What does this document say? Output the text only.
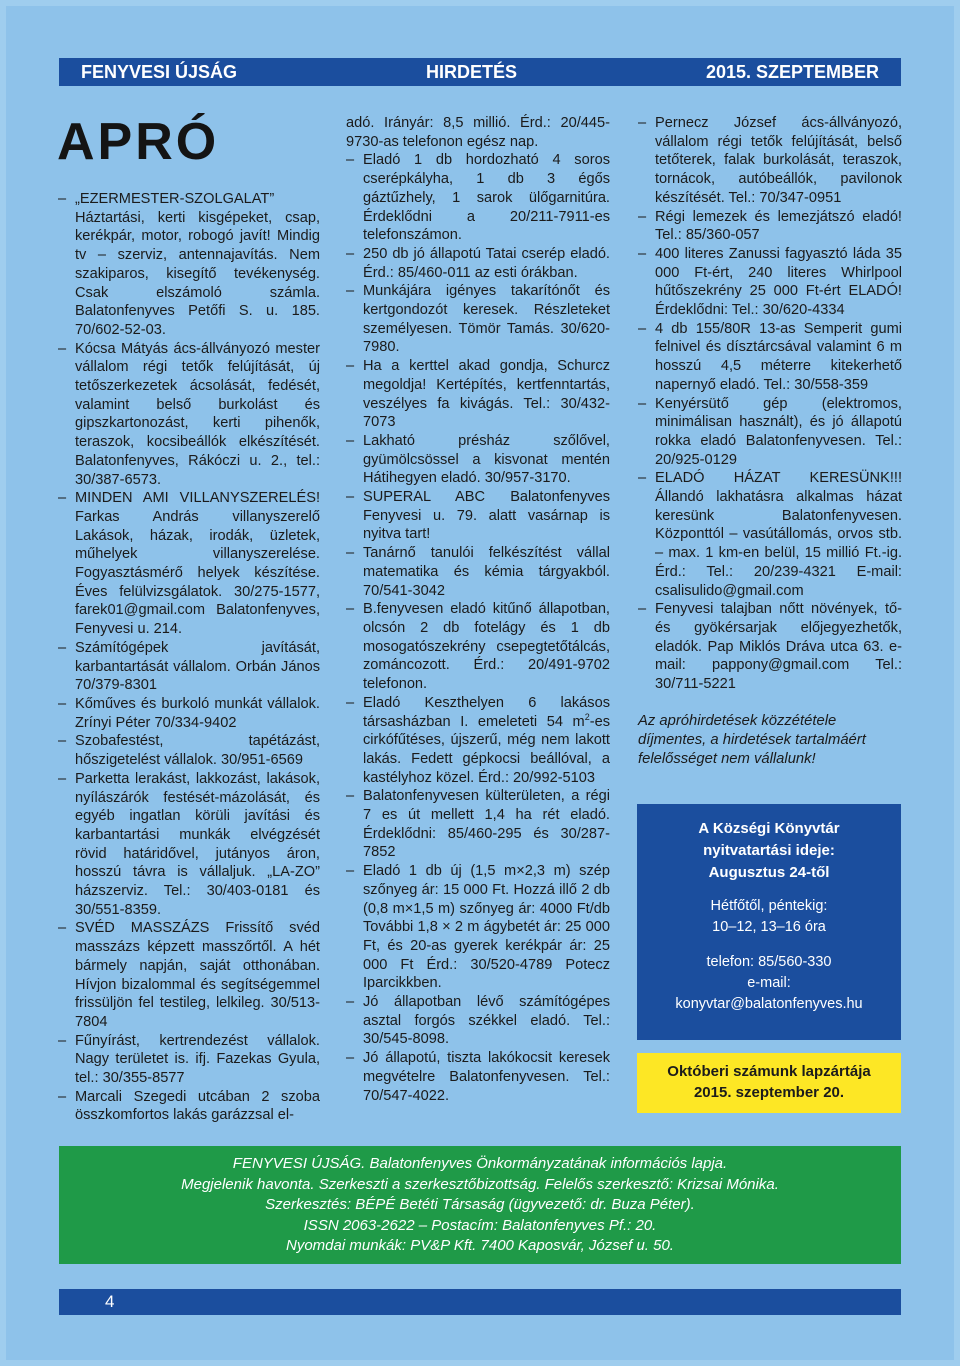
FENYVESI ÚJSÁG	HIRDETÉS	2015. SZEPTEMBER
APRÓ

– „EZERMESTER-SZOLGALAT” Háztartási, kerti kisgépeket, csap, kerékpár, motor, robogó javít! Mindig tv – szerviz, antennajavítás. Nem szakiparos, kisegítő tevékenység. Csak elszámoló számla. Balatonfenyves Petőfi S. u. 185. 70/602-52-03.

– Kócsa Mátyás ács-állványozó mester vállalom régi tetők felújítását, új tetőszerkezetek ácsolását, fedését, valamint belső burkolást és gipszkartonozást, kerti pihenők, teraszok, kocsibeállók elkészítését. Balatonfenyves, Rákóczi u. 2., tel.: 30/387-6573.

– MINDEN AMI VILLANYSZERELÉS! Farkas András villanyszerelő Lakások, házak, irodák, üzletek, műhelyek villanyszerelése. Fogyasztásmérő helyek készítése. Éves felülvizsgálatok. 30/275-1577, farek01@gmail.com Balatonfenyves, Fenyvesi u. 214.

– Számítógépek javítását, karbantartását vállalom. Orbán János 70/379-8301

– Kőműves és burkoló munkát vállalok. Zrínyi Péter 70/334-9402

– Szobafestést, tapétázást, hőszigetelést vállalok. 30/951-6569

– Parketta lerakást, lakkozást, lakások, nyílászárók festését-mázolását, és egyéb ingatlan körüli javítási és karbantartási munkák elvégzését rövid határidővel, jutányos áron, hosszú távra is vállaljuk. „LA-ZO” házszerviz. Tel.: 30/403-0181 és 30/551-8359.

– SVÉD MASSZÁZS Frissítő svéd masszázs képzett masszőrtől. A hét bármely napján, saját otthonában. Hívjon bizalommal és segítségemmel frissüljön fel testileg, lelkileg. 30/513-7804

– Fűnyírást, kertrendezést vállalok. Nagy területet is. ifj. Fazekas Gyula, tel.: 30/355-8577

– Marcali Szegedi utcában 2 szoba összkomfortos lakás garázzsal el-

adó. Irányár: 8,5 millió. Érd.: 20/445-9730-as telefonon egész nap.

– Eladó 1 db hordozható 4 soros cserépkályha, 1 db 3 égős gáztűzhely, 1 sarok ülőgarnitúra. Érdeklődni a 20/211-7911-es telefonszámon.

– 250 db jó állapotú Tatai cserép eladó. Érd.: 85/460-011 az esti órákban.

– Munkájára igényes takarítónőt és kertgondozót keresek. Részleteket személyesen. Tömör Tamás. 30/620-7980.

– Ha a kerttel akad gondja, Schurcz megoldja! Kertépítés, kertfenntartás, veszélyes fa kivágás. Tel.: 30/432-7073

– Lakható présház szőlővel, gyümölcsössel a kisvonat mentén Hátihegyen eladó. 30/957-3170.

– SUPERAL ABC Balatonfenyves Fenyvesi u. 79. alatt vasárnap is nyitva tart!

– Tanárnő tanulói felkészítést vállal matematika és kémia tárgyakból. 70/541-3042

– B.fenyvesen eladó kitűnő állapotban, olcsón 2 db fotelágy és 1 db mosogatószekrény csepegtetőtálcás, zománcozott. Érd.: 20/491-9702 telefonon.

– Eladó Keszthelyen 6 lakásos társasházban I. emeleteti 54 $m^2-es$ cirkófűtéses, újszerű, még nem lakott lakás. Fedett gépkocsi beállóval, a kastélyhoz közel. Érd.: 20/992-5103

– Balatonfenyvesen külterületen, a régi 7 es út mellett 1,4 ha rét eladó. Érdeklődni: 85/460-295 és 30/287-7852

– Eladó 1 db új (1,5 m×2,3 m) szép szőnyeg ár: 15 000 Ft. Hozzá illő 2 db (0,8 m×1,5 m) szőnyeg ár: 4000 Ft/db További 1,8 × 2 m ágybetét ár: 25 000 Ft, és 20-as gyerek kerékpár ár: 25 000 Ft Érd.: 30/520-4789 Potecz Iparcikkben.

– Jó állapotban lévő számítógépes asztal forgós székkel eladó. Tel.: 30/545-8098.

– Jó állapotú, tiszta lakókocsit keresek megvételre Balatonfenyvesen. Tel.: 70/547-4022.

– Pernecz József ács-állványozó, vállalom régi tetők felújítását, belső tetőterek, falak burkolását, teraszok, tornácok, autóbeállók, pavilonok készítését. Tel.: 70/347-0951

– Régi lemezek és lemezjátszó eladó! Tel.: 85/360-057

– 400 literes Zanussi fagyasztó láda 35 000 Ft-ért, 240 literes Whirlpool hűtőszekrény 25 000 Ft-ért ELADÓ! Érdeklődni: Tel.: 30/620-4334

– 4 db 155/80R 13-as Semperit gumi felnivel és dísztárcsával valamint 6 m hosszú 4,5 méterre kitekerhető napernyő eladó. Tel.: 30/558-359

– Kenyérsütő gép (elektromos, minimálisan használt), és jó állapotú rokka eladó Balatonfenyvesen. Tel.: 20/925-0129

– ELADÓ HÁZAT KERESÜNK!!! Állandó lakhatásra alkalmas házat keresünk Balatonfenyvesen. Központtól – vasútállomás, orvos stb. – max. 1 km-en belül, 15 millió Ft.-ig. Érd.: Tel.: 20/239-4321 E-mail: csalisulido@gmail.com

– Fenyvesi talajban nőtt növények, tő- és gyökérsarjak előjegyezhetők, eladók. Pap Miklós Dráva utca 63. e-mail: pappony@gmail.com Tel.: 30/711-5221

Az apróhirdetések közzététele díjmentes, a hirdetések tartalmáért felelősséget nem vállalunk!

A Községi Könyvtár
nyitvatartási ideje:
Augusztus 24-től
Hétfőtől, péntekig:
10–12, 13–16 óra
telefon: 85/560-330
e-mail:
konyvtar@balatonfenyves.hu
Októberi számunk lapzártája
2015. szeptember 20.
FENYVESI ÚJSÁG. Balatonfenyves Önkormányzatának információs lapja.
Megjelenik havonta. Szerkeszti a szerkesztőbizottság. Felelős szerkesztő: Krizsai Mónika.
Szerkesztés: BÉPÉ Betéti Társaság (ügyvezető: dr. Buza Péter).
ISSN 2063-2622 – Postacím: Balatonfenyves Pf.: 20.
Nyomdai munkák: PV&P Kft. 7400 Kaposvár, József u. 50.
4
